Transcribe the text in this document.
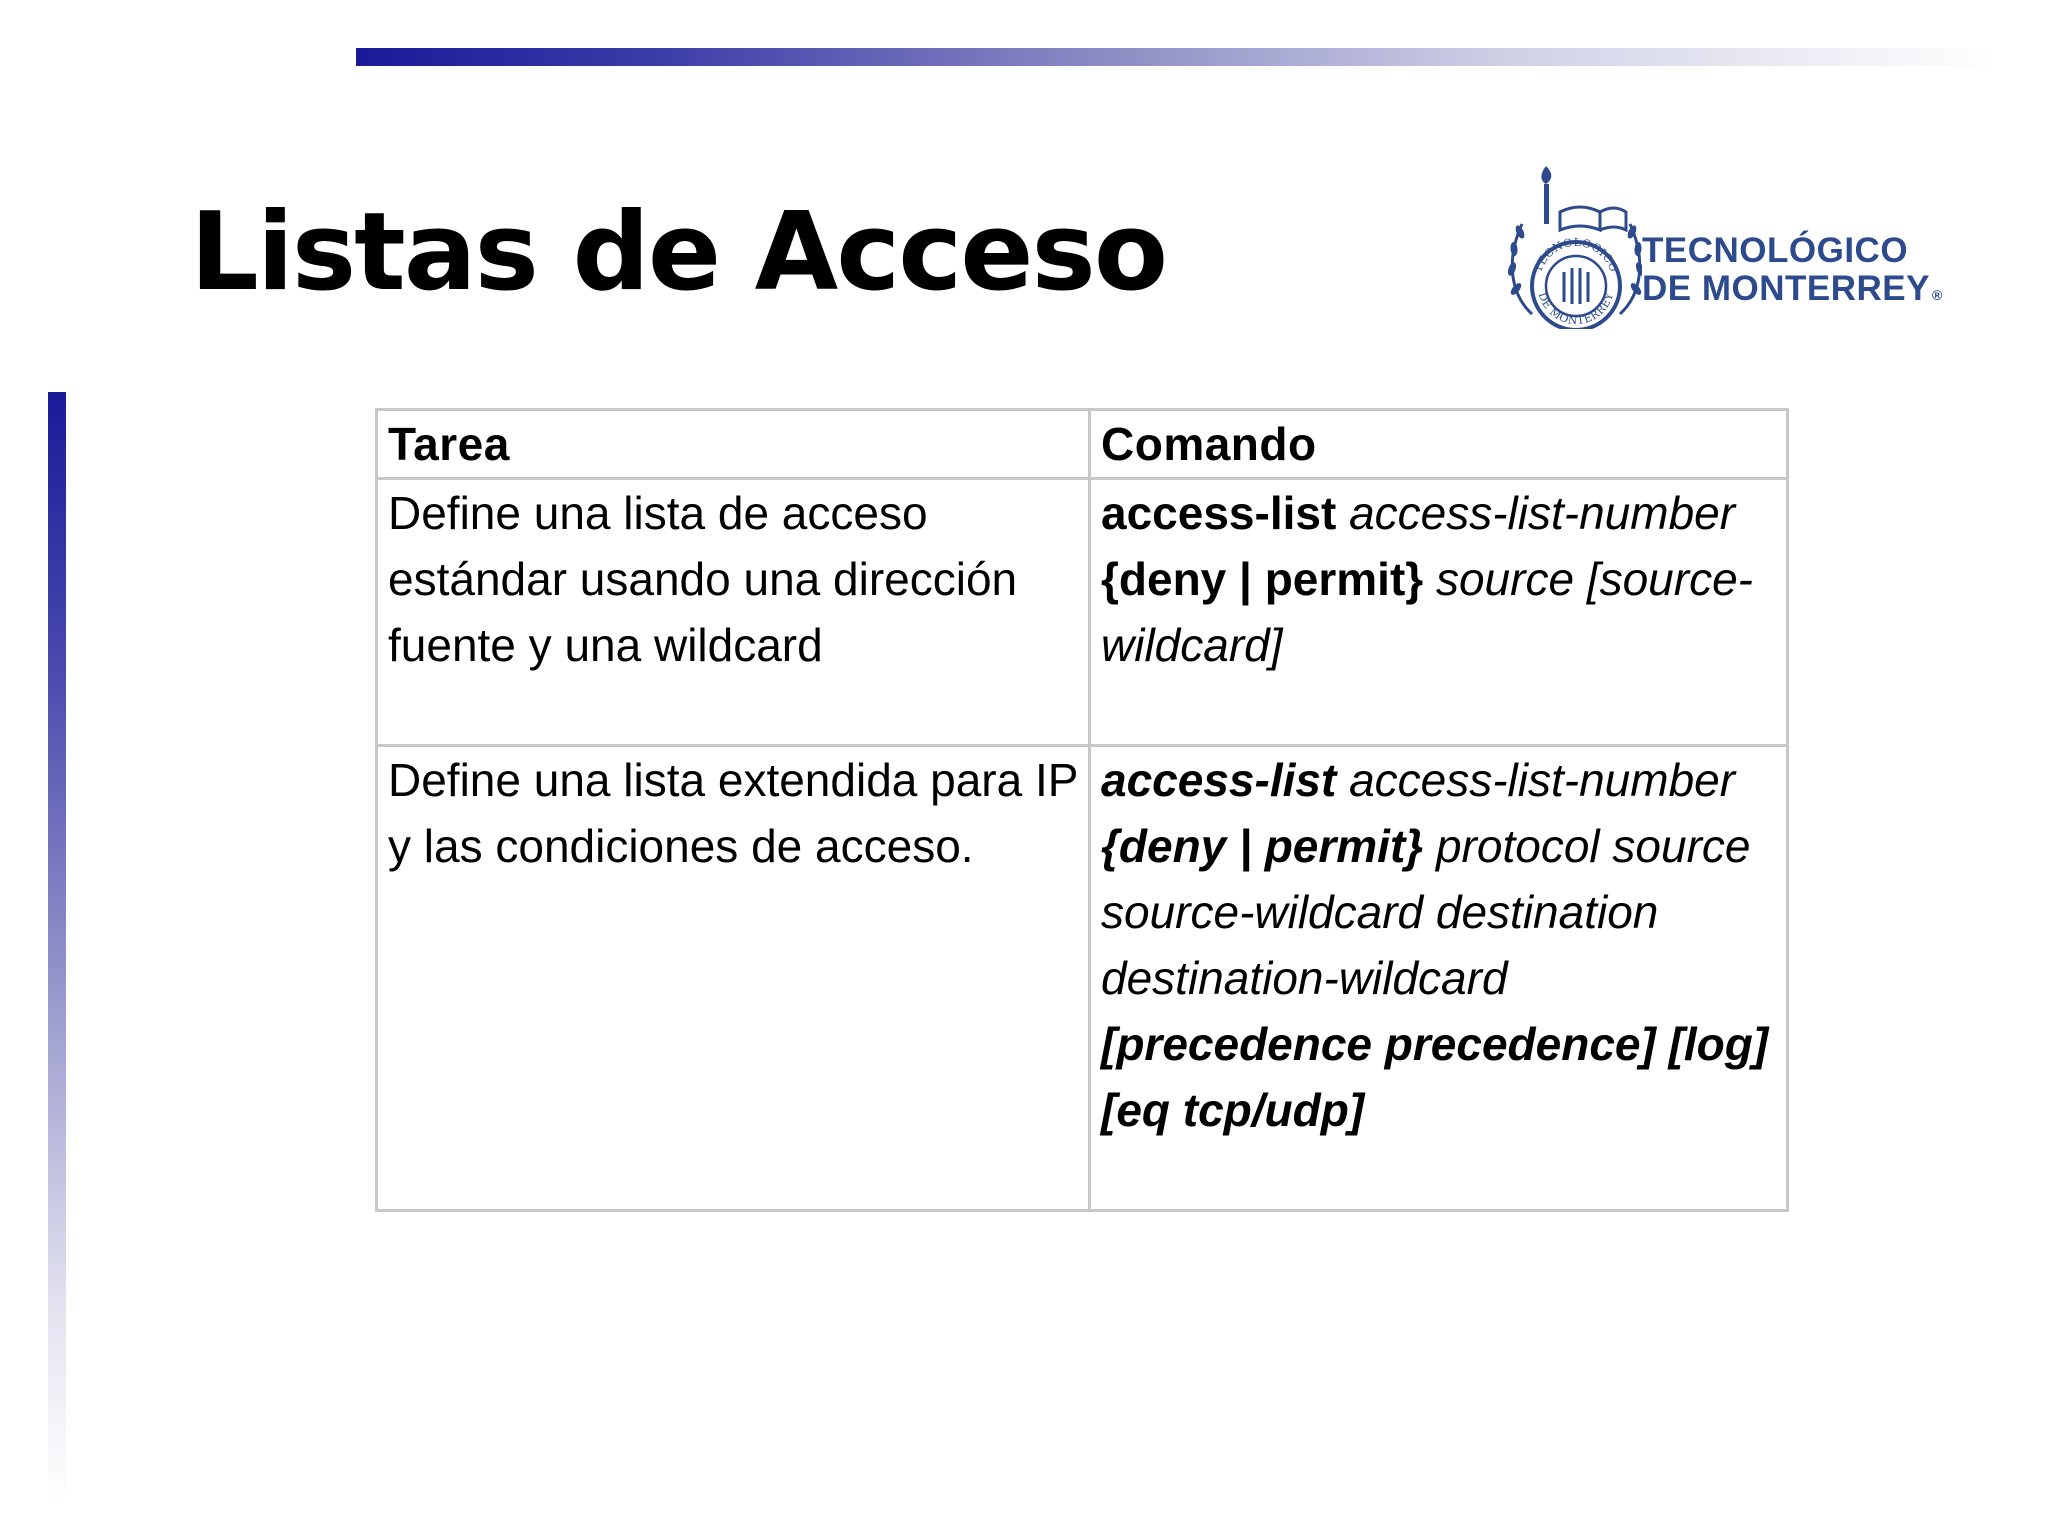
Listas de Acceso	TECNOLOGICO
DE MONTERREY
TECNOLÓGICO
DE MONTERREY ®
Tarea	Comando
Define una lista de acceso estándar usando una dirección fuente y una wildcard	access-list access-list-number {deny | permit} source [source-wildcard]
Define una lista extendida para IP y las condiciones de acceso.	access-list access-list-number {deny | permit} protocol source source-wildcard destination destination-wildcard [precedence precedence] [log] [eq tcp/udp]
